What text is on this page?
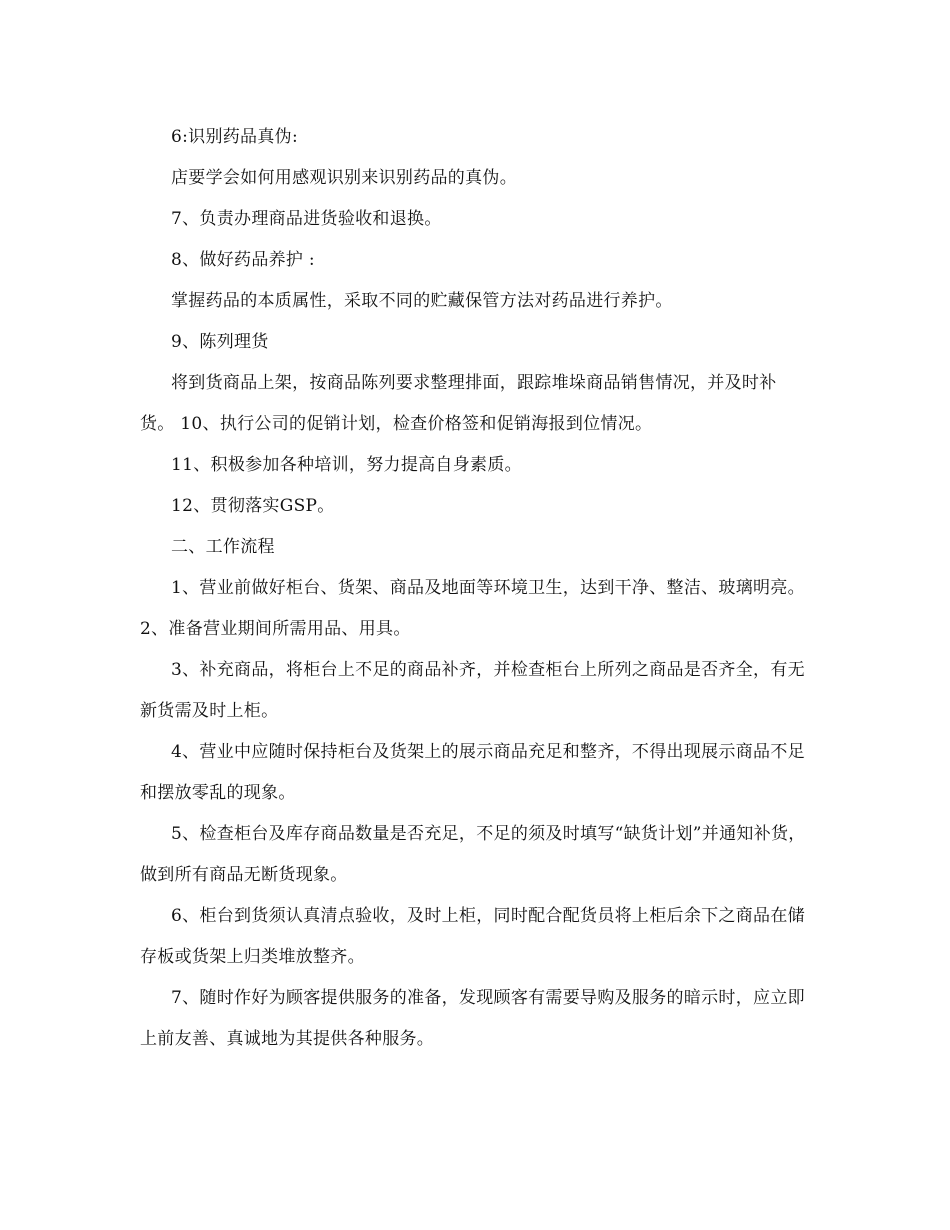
6:识别药品真伪:

店要学会如何用感观识别来识别药品的真伪。

7、负责办理商品进货验收和退换。

8、做好药品养护 :

掌握药品的本质属性，采取不同的贮藏保管方法对药品进行养护。

9、陈列理货

将到货商品上架，按商品陈列要求整理排面，跟踪堆垛商品销售情况，并及时补货。 10、执行公司的促销计划，检查价格签和促销海报到位情况。

11、积极参加各种培训，努力提高自身素质。

12、贯彻落实GSP。

二、工作流程

1、营业前做好柜台、货架、商品及地面等环境卫生，达到干净、整洁、玻璃明亮。 2、准备营业期间所需用品、用具。

3、补充商品，将柜台上不足的商品补齐，并检查柜台上所列之商品是否齐全，有无新货需及时上柜。

4、营业中应随时保持柜台及货架上的展示商品充足和整齐，不得出现展示商品不足和摆放零乱的现象。

5、检查柜台及库存商品数量是否充足，不足的须及时填写“缺货计划”并通知补货，做到所有商品无断货现象。

6、柜台到货须认真清点验收，及时上柜，同时配合配货员将上柜后余下之商品在储存板或货架上归类堆放整齐。

7、随时作好为顾客提供服务的准备，发现顾客有需要导购及服务的暗示时，应立即上前友善、真诚地为其提供各种服务。
